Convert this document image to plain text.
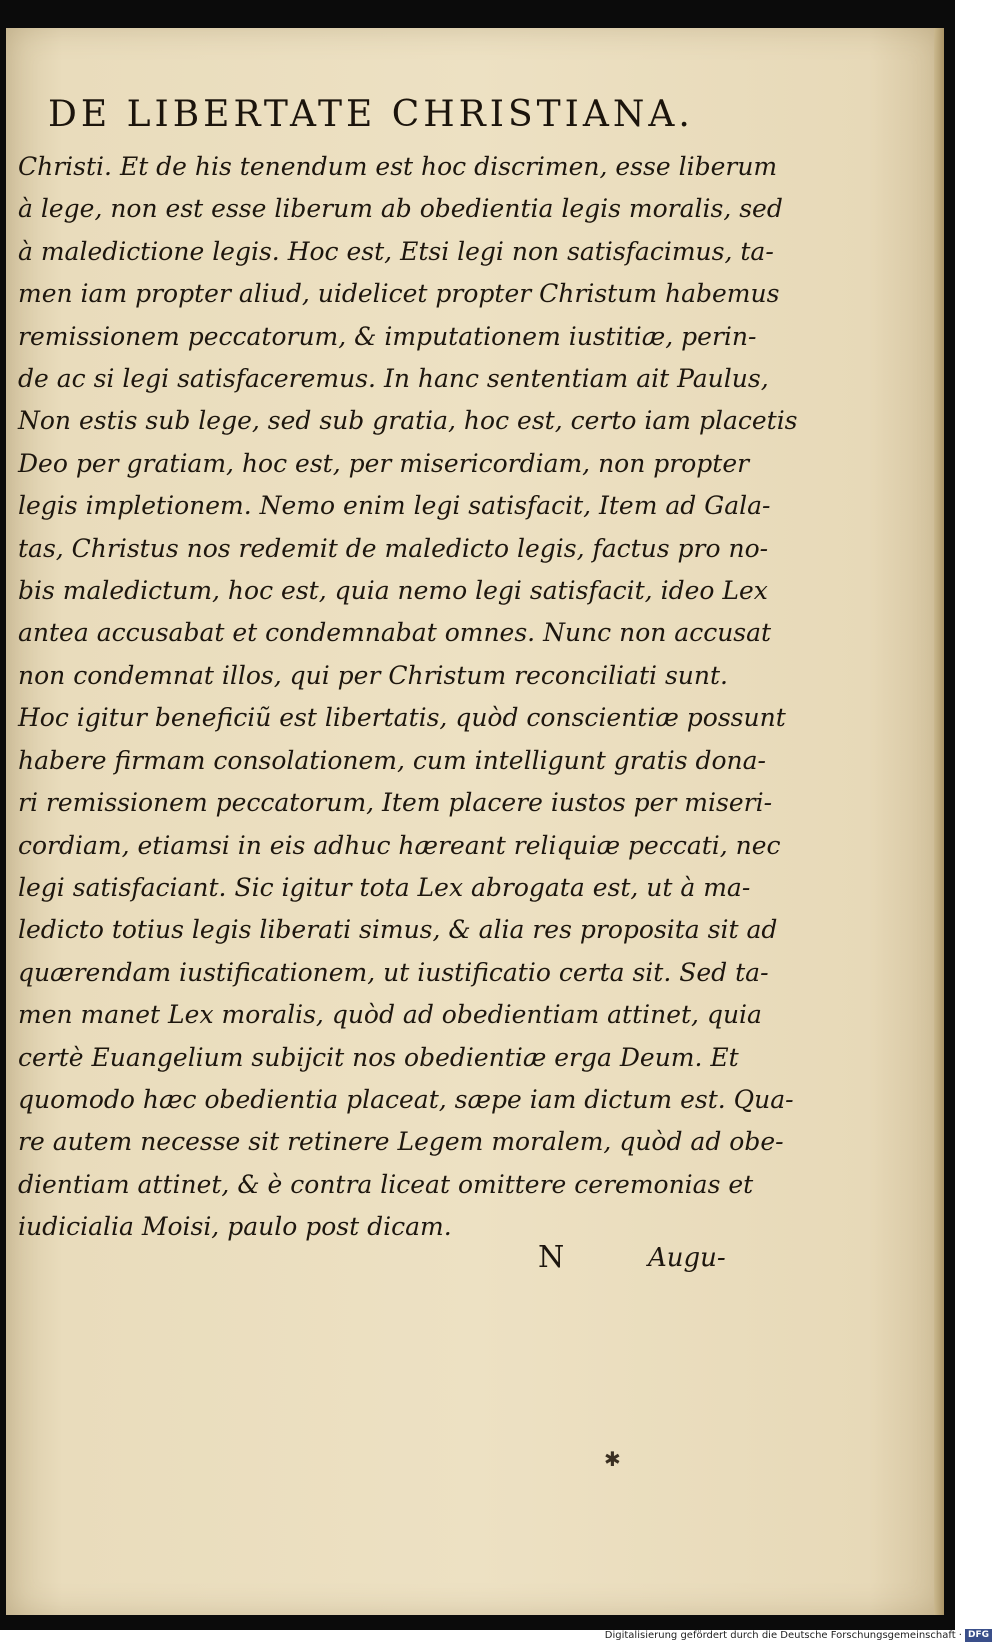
DE LIBERTATE CHRISTIANA.
Christi. Et de his tenendum est hoc discrimen, esse liberum
à lege, non est esse liberum ab obedientia legis moralis, sed
à maledictione legis. Hoc est, Etsi legi non satisfacimus, ta-
men iam propter aliud, uidelicet propter Christum habemus
remissionem peccatorum, & imputationem iustitiæ, perin-
de ac si legi satisfaceremus. In hanc sententiam ait Paulus,
Non estis sub lege, sed sub gratia, hoc est, certo iam placetis
Deo per gratiam, hoc est, per misericordiam, non propter
legis impletionem. Nemo enim legi satisfacit, Item ad Gala-
tas, Christus nos redemit de maledicto legis, factus pro no-
bis maledictum, hoc est, quia nemo legi satisfacit, ideo Lex
antea accusabat et condemnabat omnes. Nunc non accusat
non condemnat illos, qui per Christum reconciliati sunt.
Hoc igitur beneficiũ est libertatis, quòd conscientiæ possunt
habere firmam consolationem, cum intelligunt gratis dona-
ri remissionem peccatorum, Item placere iustos per miseri-
cordiam, etiamsi in eis adhuc hæreant reliquiæ peccati, nec
legi satisfaciant. Sic igitur tota Lex abrogata est, ut à ma-
ledicto totius legis liberati simus, & alia res proposita sit ad
quærendam iustificationem, ut iustificatio certa sit. Sed ta-
men manet Lex moralis, quòd ad obedientiam attinet, quia
certè Euangelium subijcit nos obedientiæ erga Deum. Et
quomodo hæc obedientia placeat, sæpe iam dictum est. Qua-
re autem necesse sit retinere Legem moralem, quòd ad obe-
dientiam attinet, & è contra liceat omittere ceremonias et
iudicialia Moisi, paulo post dicam.
N	Augu-
✱
Digitalisierung gefördert durch die Deutsche Forschungsgemeinschaft · DFG
